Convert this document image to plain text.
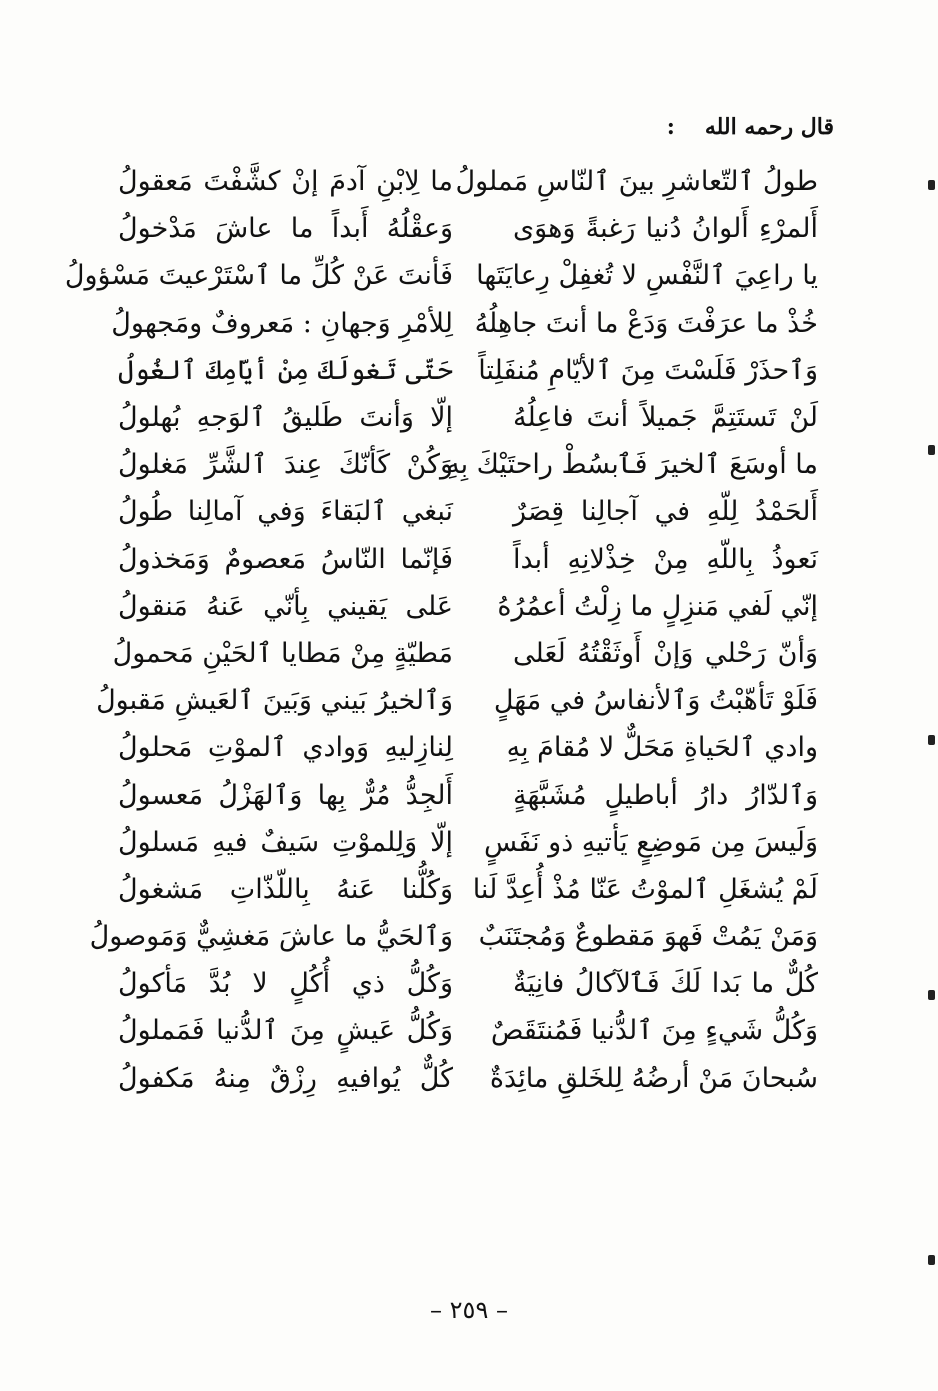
قال رحمه الله:
طولُ ٱلتّعاشرِ بينَ ٱلنّاسِ مَملولُ
ما لِابْنِ آدمَ إنْ كشَّفْتَ مَعقولُ
أَلمرْءِ أَلوانُ دُنيا رَغبةً وَهوَى
وَعقْلُهُ أَبداً ما عاشَ مَدْخولُ
يا راعِيَ ٱلنَّفْسِ لا تُغفِلْ رِعايَتَها
فَأنتَ عَنْ كُلِّ ما ٱسْتَرْعيتَ مَسْؤولُ
خُذْ ما عرَفْتَ وَدَعْ ما أنتَ جاهِلُهُ
لِلأمْرِ وَجهانِ : مَعروفٌ ومَجهولُ
وَٱحذَرْ فَلَسْتَ مِنَ ٱلأيّامِ مُنفَلِتاً
حَتّى تَغولَكَ مِنْ أيّامِكَ ٱلغُولُ
لَنْ تَستَتِمَّ جَميلاً أنتَ فاعِلُهُ
إلّا وَأنتَ طَليقُ ٱلوَجهِ بُهلولُ
ما أوسَعَ ٱلخيرَ فَٱبسُطْ راحتَيْكَ بِهِ
وَكُنْ كَأنّكَ عِندَ ٱلشَّرِّ مَغلولُ
أَلحَمْدُ لِلّهِ في آجالِنا قِصَرٌ
نَبغي ٱلبَقاءَ وَفي آمالِنا طُولُ
نَعوذُ بِاللّهِ مِنْ خِذْلانِهِ أبداً
فَإنّما النّاسُ مَعصومٌ وَمَخذولُ
إنّي لَفي مَنزِلٍ ما زِلْتُ أعمُرُهُ
عَلى يَقيني بِأنّي عَنهُ مَنقولُ
وَأنّ رَحْلي وَإنْ أَوثَقْتُهُ لَعَلى
مَطيّةٍ مِنْ مَطايا ٱلحَيْنِ مَحمولُ
فَلَوْ تَأهّبْتُ وَٱلأنفاسُ في مَهَلٍ
وَٱلخيرُ بَيني وَبَينَ ٱلعَيشِ مَقبولُ
وادي ٱلحَياةِ مَحَلٌّ لا مُقامَ بِهِ
لِنازِليهِ وَوادي ٱلموْتِ مَحلولُ
وَٱلدّارُ دارُ أباطيلٍ مُشَبَّهَةٍ
أَلجِدُّ مُرٌّ بِها وَٱلهَزْلُ مَعسولُ
وَلَيسَ مِن مَوضِعٍ يَأتيهِ ذو نَفَسٍ
إلّا وَلِلموْتِ سَيفٌ فيهِ مَسلولُ
لَمْ يُشغَلِ ٱلموْتُ عَنّا مُذْ أُعِدَّ لَنا
وَكُلُّنا عَنهُ بِاللّذّاتِ مَشغولُ
وَمَنْ يَمُتْ فَهوَ مَقطوعٌ وَمُجتَنَبٌ
وَٱلحَيُّ ما عاشَ مَغشِيٌّ وَمَوصولُ
كُلٌّ ما بَدا لَكَ فَٱلآكالُ فانِيَةٌ
وَكُلُّ ذي أُكُلٍ لا بُدَّ مَأكولُ
وَكُلُّ شَيءٍ مِنَ ٱلدُّنيا فَمُنتَقَصٌ
وَكُلُّ عَيشٍ مِنَ ٱلدُّنيا فَمَملولُ
سُبحانَ مَنْ أرضُهُ لِلخَلقِ مائِدَةٌ
كُلٌّ يُوافيهِ رِزْقٌ مِنهُ مَكفولُ
– ٢٥٩ –
